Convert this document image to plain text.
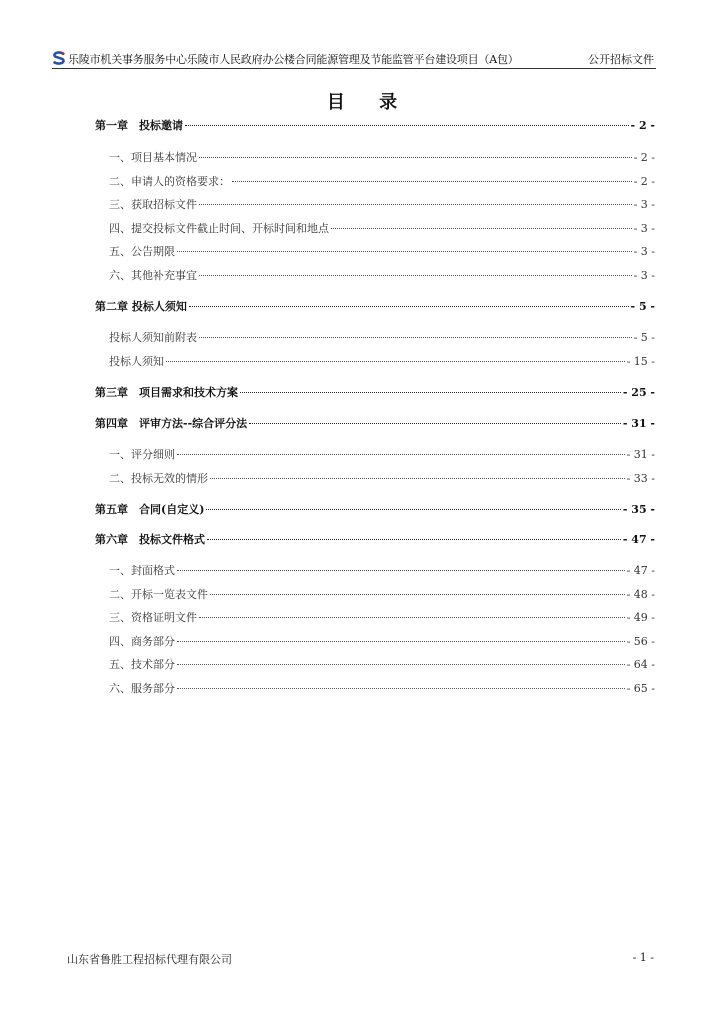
乐陵市机关事务服务中心乐陵市人民政府办公楼合同能源管理及节能监管平台建设项目（A包）	公开招标文件
目 录
第一章　投标邀请	- 2 -
一、项目基本情况	- 2 -
二、申请人的资格要求：	- 2 -
三、获取招标文件	- 3 -
四、提交投标文件截止时间、开标时间和地点	- 3 -
五、公告期限	- 3 -
六、其他补充事宜	- 3 -
第二章 投标人须知	- 5 -
投标人须知前附表	- 5 -
投标人须知	- 15 -
第三章　项目需求和技术方案	- 25 -
第四章　评审方法--综合评分法	- 31 -
一、评分细则	- 31 -
二、投标无效的情形	- 33 -
第五章　合同(自定义)	- 35 -
第六章　投标文件格式	- 47 -
一、封面格式	- 47 -
二、开标一览表文件	- 48 -
三、资格证明文件	- 49 -
四、商务部分	- 56 -
五、技术部分	- 64 -
六、服务部分	- 65 -
山东省鲁胜工程招标代理有限公司	- 1 -
